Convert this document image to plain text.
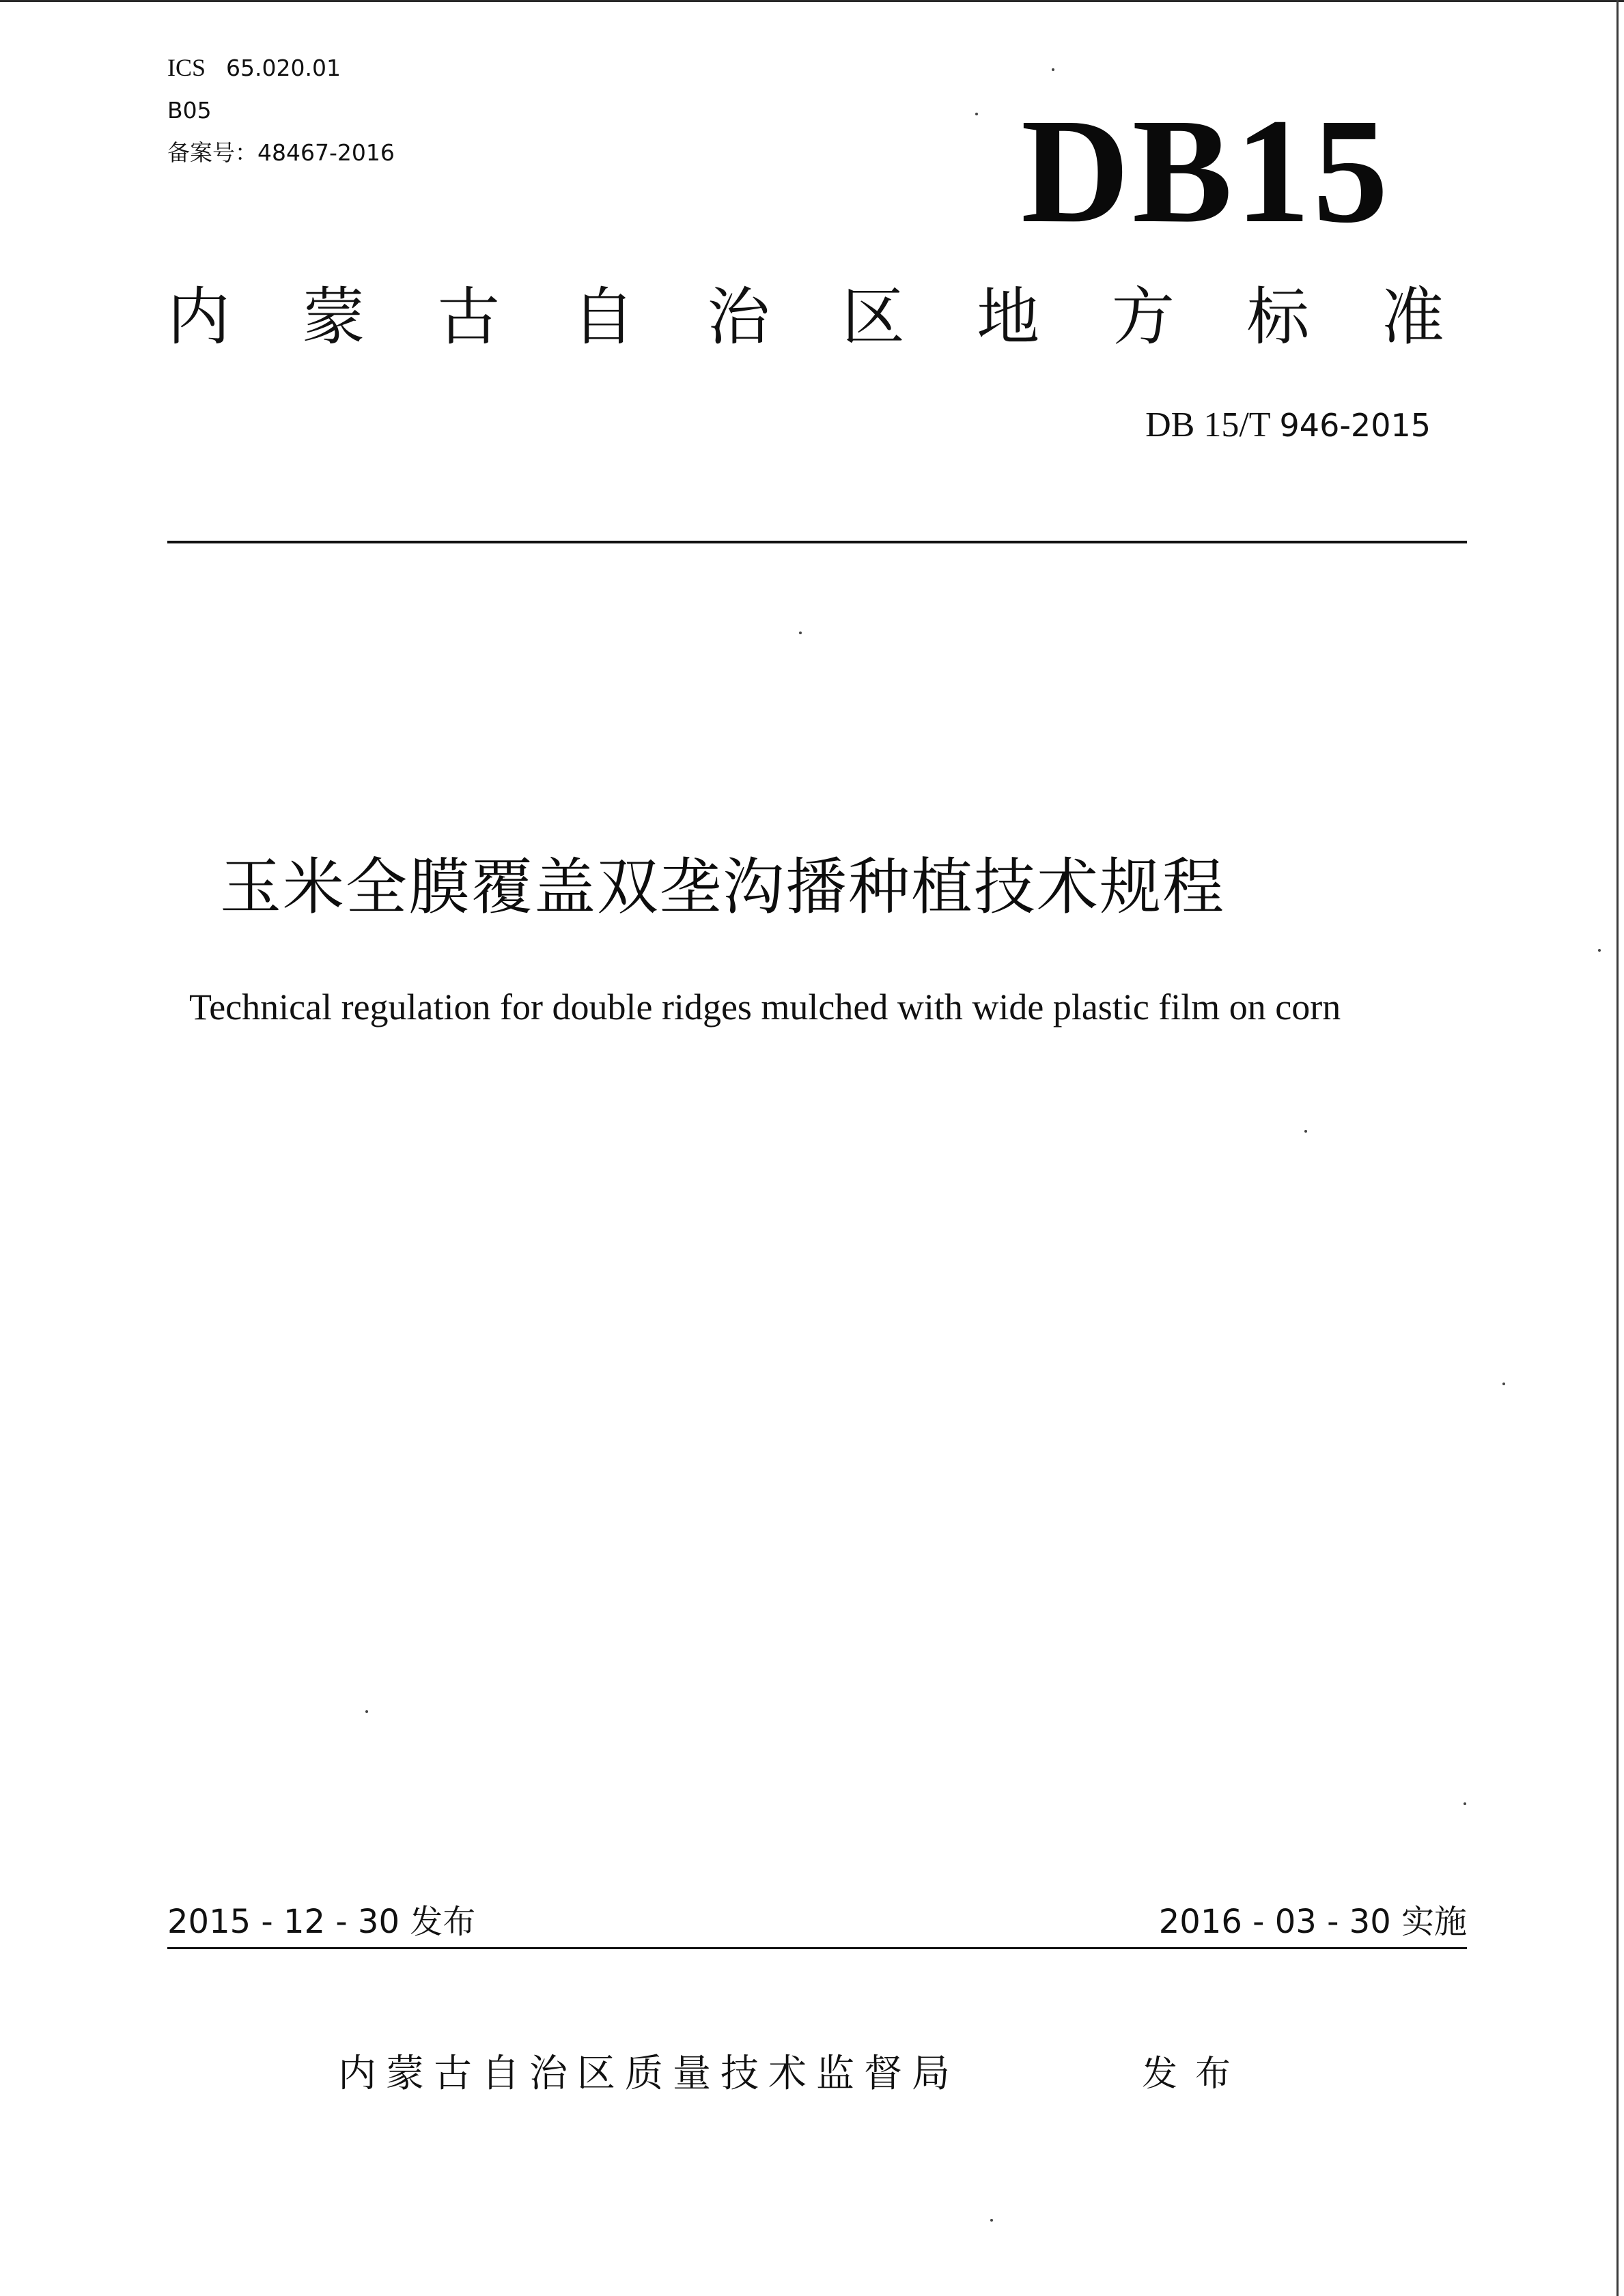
ICS 65.020.01
B05
备案号：48467-2016	DB15
内 蒙 古 自 治 区 地 方 标 准
DB 15/T 946-2015
玉米全膜覆盖双垄沟播种植技术规程
Technical regulation for double ridges mulched with wide plastic film on corn
2015 - 12 - 30 发布	2016 - 03 - 30 实施
内蒙古自治区质量技术监督局	发布
